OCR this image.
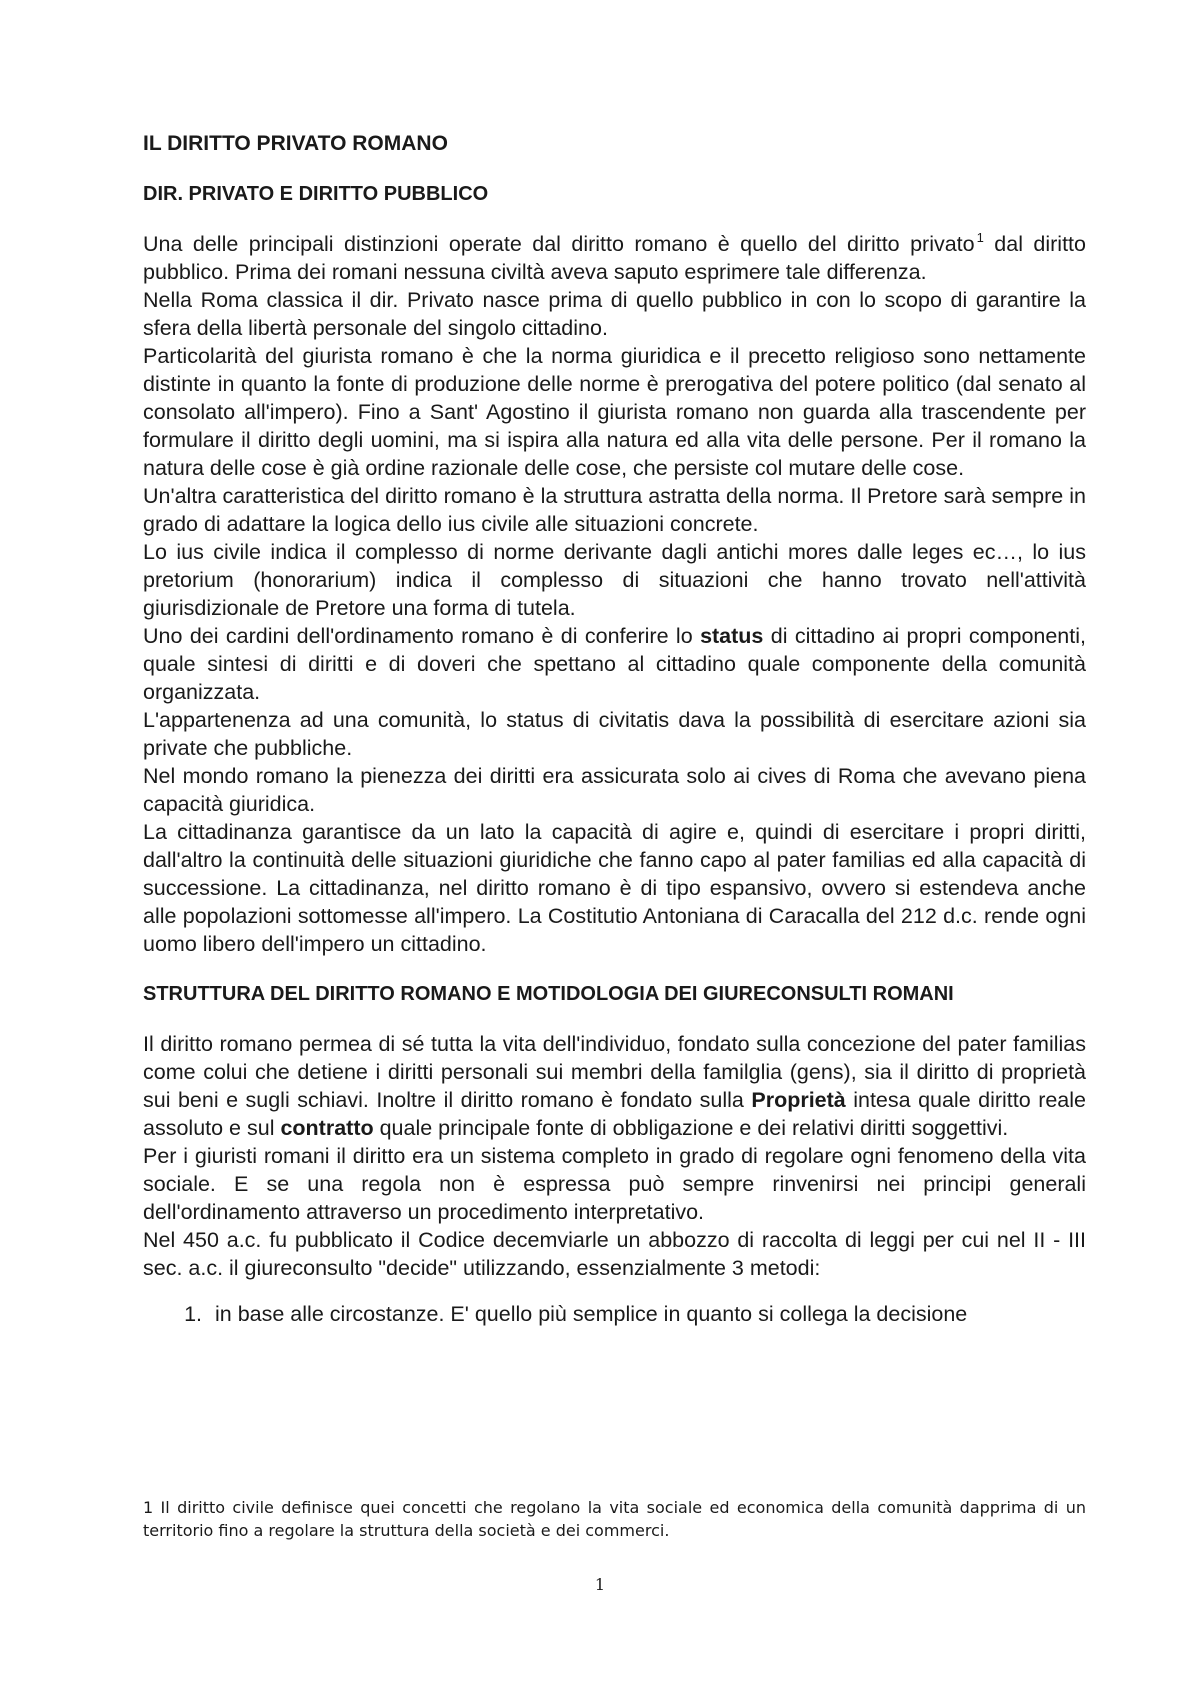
IL DIRITTO PRIVATO ROMANO
DIR. PRIVATO E DIRITTO PUBBLICO

Una delle principali distinzioni operate dal diritto romano è quello del diritto privato $^1$ dal diritto pubblico. Prima dei romani nessuna civiltà aveva saputo esprimere tale differenza.

Nella Roma classica il dir. Privato nasce prima di quello pubblico in con lo scopo di garantire la sfera della libertà personale del singolo cittadino.

Particolarità del giurista romano è che la norma giuridica e il precetto religioso sono nettamente distinte in quanto la fonte di produzione delle norme è prerogativa del potere politico (dal senato al consolato all'impero). Fino a Sant' Agostino il giurista romano non guarda alla trascendente per formulare il diritto degli uomini, ma si ispira alla natura ed alla vita delle persone. Per il romano la natura delle cose è già ordine razionale delle cose, che persiste col mutare delle cose.

Un'altra caratteristica del diritto romano è la struttura astratta della norma. Il Pretore sarà sempre in grado di adattare la logica dello ius civile alle situazioni concrete.

Lo ius civile indica il complesso di norme derivante dagli antichi mores dalle leges ec…, lo ius pretorium (honorarium) indica il complesso di situazioni che hanno trovato nell'attività giurisdizionale de Pretore una forma di tutela.

Uno dei cardini dell'ordinamento romano è di conferire lo status di cittadino ai propri componenti, quale sintesi di diritti e di doveri che spettano al cittadino quale componente della comunità organizzata.

L'appartenenza ad una comunità, lo status di civitatis dava la possibilità di esercitare azioni sia private che pubbliche.

Nel mondo romano la pienezza dei diritti era assicurata solo ai cives di Roma che avevano piena capacità giuridica.

La cittadinanza garantisce da un lato la capacità di agire e, quindi di esercitare i propri diritti, dall'altro la continuità delle situazioni giuridiche che fanno capo al pater familias ed alla capacità di successione. La cittadinanza, nel diritto romano è di tipo espansivo, ovvero si estendeva anche alle popolazioni sottomesse all'impero. La Costitutio Antoniana di Caracalla del 212 d.c. rende ogni uomo libero dell'impero un cittadino.

STRUTTURA DEL DIRITTO ROMANO E MOTIDOLOGIA DEI GIURECONSULTI ROMANI

Il diritto romano permea di sé tutta la vita dell'individuo, fondato sulla concezione del pater familias come colui che detiene i diritti personali sui membri della familglia (gens), sia il diritto di proprietà sui beni e sugli schiavi. Inoltre il diritto romano è fondato sulla Proprietà intesa quale diritto reale assoluto e sul contratto quale principale fonte di obbligazione e dei relativi diritti soggettivi.

Per i giuristi romani il diritto era un sistema completo in grado di regolare ogni fenomeno della vita sociale. E se una regola non è espressa può sempre rinvenirsi nei principi generali dell'ordinamento attraverso un procedimento interpretativo.

Nel 450 a.c. fu pubblicato il Codice decemviarle un abbozzo di raccolta di leggi per cui nel II - III sec. a.c. il giureconsulto "decide" utilizzando, essenzialmente 3 metodi:

1. in base alle circostanze. E' quello più semplice in quanto si collega la decisione
1 Il diritto civile definisce quei concetti che regolano la vita sociale ed economica della comunità dapprima di un territorio fino a regolare la struttura della società e dei commerci.
1
